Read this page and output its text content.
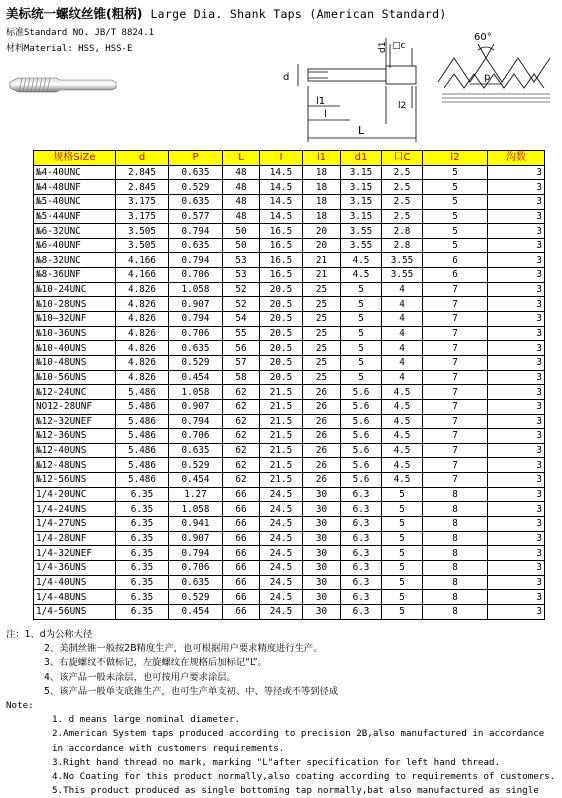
美标统一螺纹丝锥(粗柄) Large Dia. Shank Taps (American Standard)
标准Standard NO. JB/T 8824.1
材料Material: HSS, HSS-E
d
l1
l
L
d1 □c
l2
60°
p
规格SiZe	d	P	L	I	l1	d1	口C	l2	沟数
№4-40UNC	2.845	0.635	48	14.5	18	3.15	2.5	5	3
№4-48UNF	2.845	0.529	48	14.5	18	3.15	2.5	5	3
№5-40UNC	3.175	0.635	48	14.5	18	3.15	2.5	5	3
№5-44UNF	3.175	0.577	48	14.5	18	3.15	2.5	5	3
№6-32UNC	3.505	0.794	50	16.5	20	3.55	2.8	5	3
№6-40UNF	3.505	0.635	50	16.5	20	3.55	2.8	5	3
№8-32UNC	4.166	0.794	53	16.5	21	4.5	3.55	6	3
№8-36UNF	4.166	0.706	53	16.5	21	4.5	3.55	6	3
№10-24UNC	4.826	1.058	52	20.5	25	5	4	7	3
№10-28UNS	4.826	0.907	52	20.5	25	5	4	7	3
№10—32UNF	4.826	0.794	54	20.5	25	5	4	7	3
№10-36UNS	4.826	0.706	55	20.5	25	5	4	7	3
№10-40UNS	4.826	0.635	56	20.5	25	5	4	7	3
№10-48UNS	4.826	0.529	57	20.5	25	5	4	7	3
№10-56UNS	4.826	0.454	58	20.5	25	5	4	7	3
№12-24UNC	5.486	1.058	62	21.5	26	5.6	4.5	7	3
NO12-28UNF	5.486	0.907	62	21.5	26	5.6	4.5	7	3
№12-32UNEF	5.486	0.794	62	21.5	26	5.6	4.5	7	3
№12-36UNS	5.486	0.706	62	21.5	26	5.6	4.5	7	3
№12-40UNS	5.486	0.635	62	21.5	26	5.6	4.5	7	3
№12-48UNS	5.486	0.529	62	21.5	26	5.6	4.5	7	3
№12-56UNS	5.486	0.454	62	21.5	26	5.6	4.5	7	3
1/4-20UNC	6.35	1.27	66	24.5	30	6.3	5	8	3
1/4-24UNS	6.35	1.058	66	24.5	30	6.3	5	8	3
1/4-27UNS	6.35	0.941	66	24.5	30	6.3	5	8	3
1/4-28UNF	6.35	0.907	66	24.5	30	6.3	5	8	3
1/4-32UNEF	6.35	0.794	66	24.5	30	6.3	5	8	3
1/4-36UNS	6.35	0.706	66	24.5	30	6.3	5	8	3
1/4-40UNS	6.35	0.635	66	24.5	30	6.3	5	8	3
1/4-48UNS	6.35	0.529	66	24.5	30	6.3	5	8	3
1/4-56UNS	6.35	0.454	66	24.5	30	6.3	5	8	3
注：1、d为公称大径
2、美制丝锥一般按2B精度生产，也可根据用户要求精度进行生产。
3、右旋螺纹不做标记，左旋螺纹在规格后加标记“L”。
4、该产品一般未涂层，也可按用户要求涂层。
5、该产品一般单支底锥生产，也可生产单支初、中、等径或不等到径成
Note:
1. d means large nominal diameter.
2.American System taps produced according to precision 2B,also manufactured in accordance
in accordance with customers requirements.
3.Right hand thread no mark, marking "L"after specification for left hand thread.
4.No Coating for this product normally,also coating according to requirements of customers.
5.This product produced as single bottoming tap normally,bat also manufactured as single
